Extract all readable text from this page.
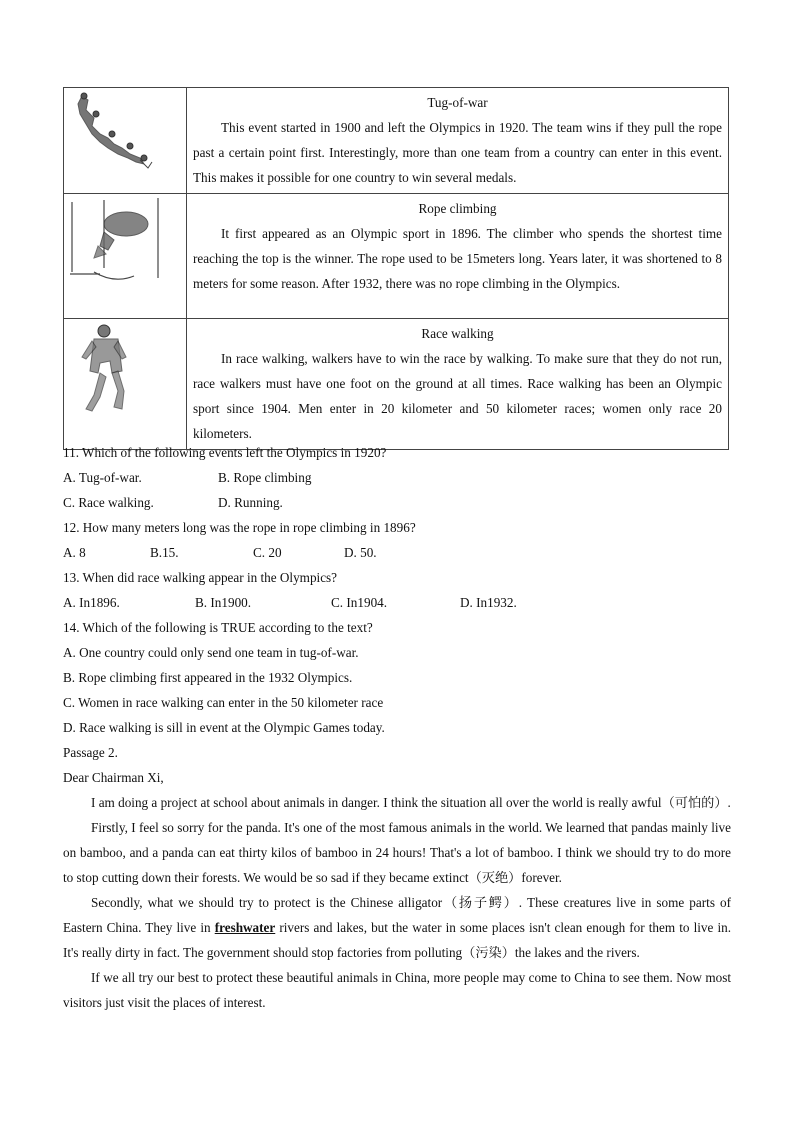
Tug-of-war
This event started in 1900 and left the Olympics in 1920. The team wins if they pull the rope past a certain point first. Interestingly, more than one team from a country can enter in this event. This makes it possible for one country to win several medals.

Rope climbing
It first appeared as an Olympic sport in 1896. The climber who spends the shortest time reaching the top is the winner. The rope used to be 15meters long. Years later, it was shortened to 8 meters for some reason. After 1932, there was no rope climbing in the Olympics.

Race walking
In race walking, walkers have to win the race by walking. To make sure that they do not run, race walkers must have one foot on the ground at all times. Race walking has been an Olympic sport since 1904. Men enter in 20 kilometer and 50 kilometer races; women only race 20 kilometers.
11. Which of the following events left the Olympics in 1920?
A. Tug-of-war.	B. Rope climbing
C. Race walking.	D. Running.
12. How many meters long was the rope in rope climbing in 1896?
A. 8	B.15.	C. 20	D. 50.
13. When did race walking appear in the Olympics?
A. In1896.	B. In1900.	C. In1904.	D. In1932.
14. Which of the following is TRUE according to the text?
A. One country could only send one team in tug-of-war.
B. Rope climbing first appeared in the 1932 Olympics.
C. Women in race walking can enter in the 50 kilometer race
D. Race walking is sill in event at the Olympic Games today.
Passage 2.
Dear Chairman Xi,
I am doing a project at school about animals in danger. I think the situation all over the world is really awful（可怕的）.
Firstly, I feel so sorry for the panda. It's one of the most famous animals in the world. We learned that pandas mainly live on bamboo, and a panda can eat thirty kilos of bamboo in 24 hours! That's a lot of bamboo. I think we should try to do more to stop cutting down their forests. We would be so sad if they became extinct（灭绝）forever.
Secondly, what we should try to protect is the Chinese alligator（扬子鳄）. These creatures live in some parts of Eastern China. They live in freshwater rivers and lakes, but the water in some places isn't clean enough for them to live in. It's really dirty in fact. The government should stop factories from polluting（污染）the lakes and the rivers.
If we all try our best to protect these beautiful animals in China, more people may come to China to see them. Now most visitors just visit the places of interest.
